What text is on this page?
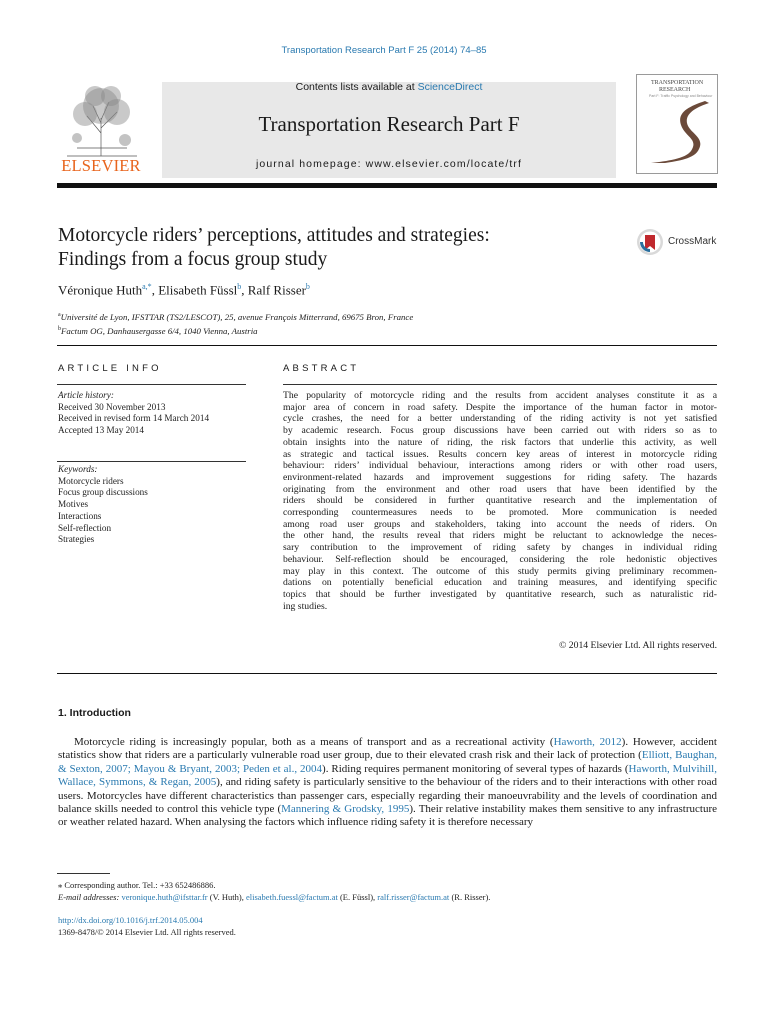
Transportation Research Part F 25 (2014) 74–85
ELSEVIER
Contents lists available at ScienceDirect
Transportation Research Part F
journal homepage: www.elsevier.com/locate/trf
TRANSPORTATION
RESEARCH
Part F: Traffic Psychology and Behaviour
Motorcycle riders’ perceptions, attitudes and strategies:
Findings from a focus group study
CrossMark
Véronique Huth$^{a,*}$, Elisabeth Füssl$^b$, Ralf Risser$^b$
$^a$Université de Lyon, IFSTTAR (TS2/LESCOT), 25, avenue François Mitterrand, 69675 Bron, France
$^b$Factum OG, Danhausergasse 6/4, 1040 Vienna, Austria
ARTICLE INFO	ABSTRACT
Article history:
Received 30 November 2013
Received in revised form 14 March 2014
Accepted 13 May 2014
Keywords:
Motorcycle riders
Focus group discussions
Motives
Interactions
Self-reflection
Strategies
The popularity of motorcycle riding and the results from accident analyses constitute it as a
major area of concern in road safety. Despite the importance of the human factor in motor-
cycle crashes, the need for a better understanding of the riding activity is not yet satisfied
by academic research. Focus group discussions have been carried out with riders so as to
obtain insights into the nature of riding, the risk factors that underlie this activity, as well
as strategic and tactical issues. Results concern key areas of interest in motorcycle riding
behaviour: riders’ individual behaviour, interactions among riders or with other road users,
environment-related hazards and improvement suggestions for riding safety. The hazards
originating from the environment and other road users that have been identified by the
riders should be considered in further quantitative research and the implementation of
corresponding countermeasures needs to be promoted. More communication is needed
among road user groups and stakeholders, taking into account the needs of riders. On
the other hand, the results reveal that riders might be reluctant to acknowledge the neces-
sary contribution to the improvement of riding safety by changes in individual riding
behaviour. Self-reflection should be encouraged, considering the role hedonistic objectives
may play in this context. The outcome of this study permits giving preliminary recommen-
dations on potentially beneficial education and training measures, and identifying specific
topics that should be further investigated by quantitative research, such as naturalistic rid-
ing studies.
© 2014 Elsevier Ltd. All rights reserved.
1. Introduction
Motorcycle riding is increasingly popular, both as a means of transport and as a recreational activity (Haworth, 2012). However, accident statistics show that riders are a particularly vulnerable road user group, due to their elevated crash risk and their lack of protection (Elliott, Baughan, & Sexton, 2007; Mayou & Bryant, 2003; Peden et al., 2004). Riding requires permanent monitoring of several types of hazards (Haworth, Mulvihill, Wallace, Symmons, & Regan, 2005), and riding safety is particularly sensitive to the behaviour of the riders and to their interactions with other road users. Motorcycles have different characteristics than passenger cars, especially regarding their manoeuvrability and the levels of coordination and balance skills needed to control this vehicle type (Mannering & Grodsky, 1995). Their relative instability makes them sensitive to any infrastructure or weather related hazard. When analysing the factors which influence riding safety it is therefore necessary
⁎ Corresponding author. Tel.: +33 652486886.
E-mail addresses: veronique.huth@ifsttar.fr (V. Huth), elisabeth.fuessl@factum.at (E. Füssl), ralf.risser@factum.at (R. Risser).
http://dx.doi.org/10.1016/j.trf.2014.05.004
1369-8478/© 2014 Elsevier Ltd. All rights reserved.
